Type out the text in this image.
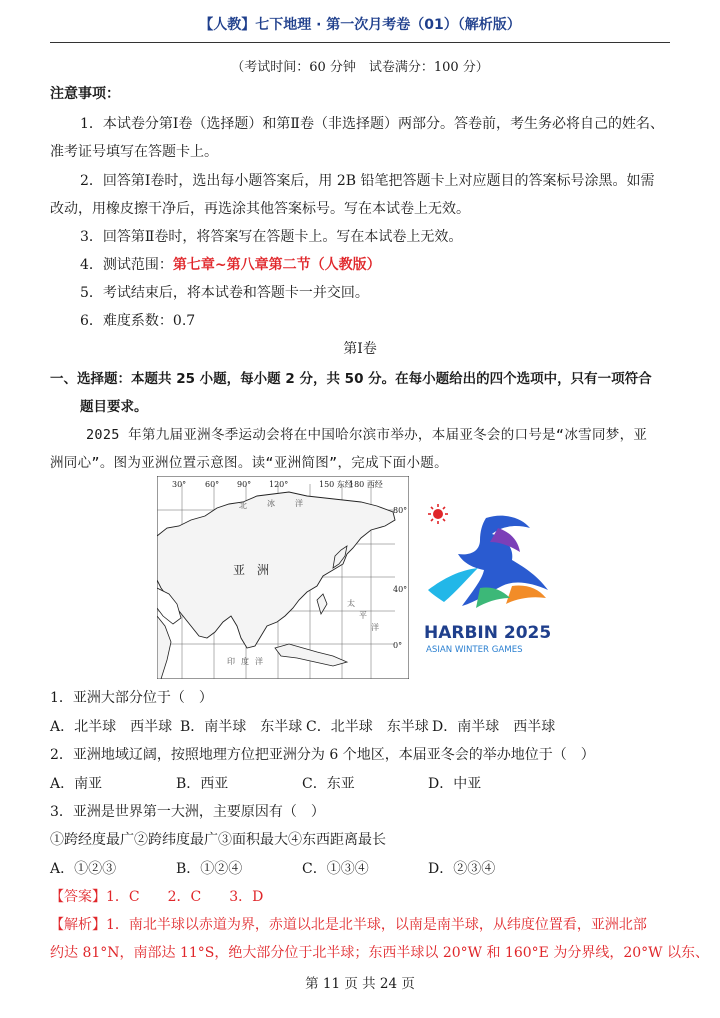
【人教】七下地理 · 第一次月考卷（01）（解析版）
（考试时间：60 分钟　试卷满分：100 分）
注意事项：
1．本试卷分第Ⅰ卷（选择题）和第Ⅱ卷（非选择题）两部分。答卷前，考生务必将自己的姓名、
准考证号填写在答题卡上。
2．回答第Ⅰ卷时，选出每小题答案后，用 2B 铅笔把答题卡上对应题目的答案标号涂黑。如需
改动，用橡皮擦干净后，再选涂其他答案标号。写在本试卷上无效。
3．回答第Ⅱ卷时，将答案写在答题卡上。写在本试卷上无效。
4．测试范围：第七章~第八章第二节（人教版）
5．考试结束后，将本试卷和答题卡一并交回。
6．难度系数：0.7
第Ⅰ卷
一、选择题：本题共 25 小题，每小题 2 分，共 50 分。在每小题给出的四个选项中，只有一项符合
题目要求。
2025 年第九届亚洲冬季运动会将在中国哈尔滨市举办，本届亚冬会的口号是“冰雪同梦，亚
洲同心”。图为亚洲位置示意图。读“亚洲简图”，完成下面小题。
30° 60° 90° 120°	150 东经
180 西经
80°
40°
0°
亚　洲
北	冰	洋
太
平
洋
印 度 洋
HARBIN 2025
ASIAN WINTER GAMES
1．亚洲大部分位于（　）
A．北半球　西半球 B．南半球　东半球 C．北半球　东半球 D．南半球　西半球
2．亚洲地域辽阔，按照地理方位把亚洲分为 6 个地区，本届亚冬会的举办地位于（　）
A．南亚	B．西亚	C．东亚	D．中亚
3．亚洲是世界第一大洲，主要原因有（　）
①跨经度最广②跨纬度最广③面积最大④东西距离最长
A．①②③	B．①②④	C．①③④	D．②③④
【答案】1．C　　2．C　　3．D
【解析】1．南北半球以赤道为界，赤道以北是北半球，以南是南半球，从纬度位置看，亚洲北部
约达 81°N，南部达 11°S，绝大部分位于北半球；东西半球以 20°W 和 160°E 为分界线，20°W 以东、
第 11 页 共 24 页
